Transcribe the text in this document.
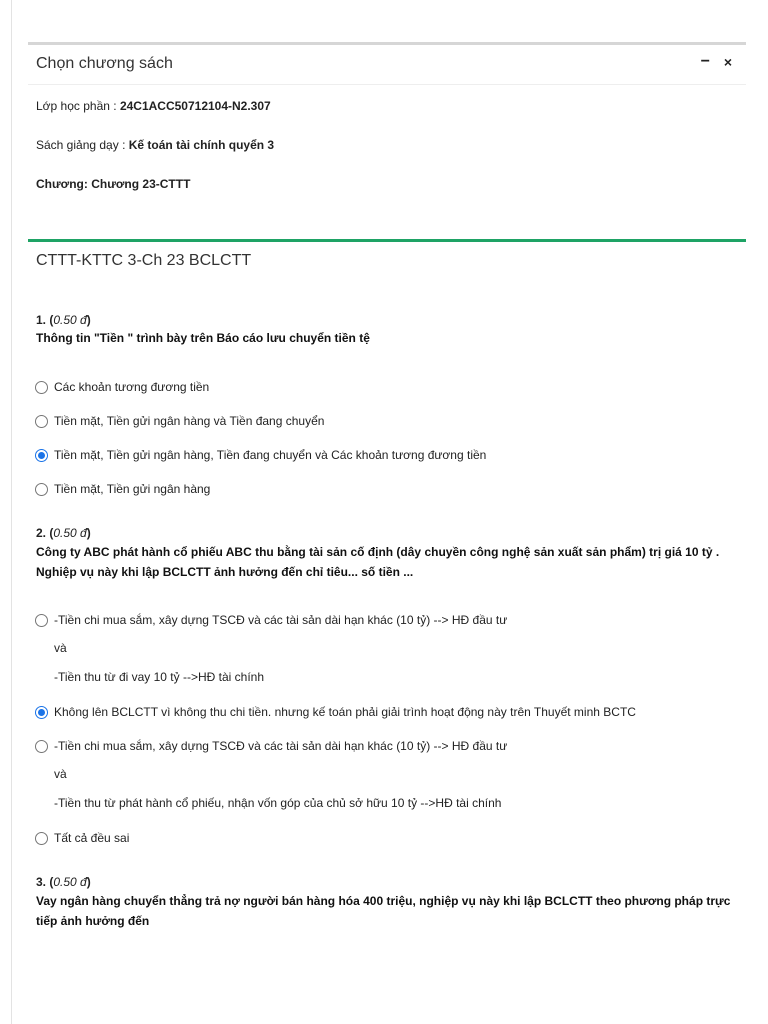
Chọn chương sách	− ×
Lớp học phần : 24C1ACC50712104-N2.307
Sách giảng dạy : Kế toán tài chính quyển 3
Chương: Chương 23-CTTT
CTTT-KTTC 3-Ch 23 BCLCTT
1. (0.50 đ)
Thông tin "Tiền " trình bày trên Báo cáo lưu chuyển tiền tệ
Các khoản tương đương tiền
Tiền mặt, Tiền gửi ngân hàng và Tiền đang chuyển
Tiền mặt, Tiền gửi ngân hàng, Tiền đang chuyển và Các khoản tương đương tiền
Tiền mặt, Tiền gửi ngân hàng
2. (0.50 đ)
Công ty ABC phát hành cổ phiếu ABC thu bằng tài sản cố định (dây chuyền công nghệ sản xuất sản phẩm) trị giá 10 tỷ .
Nghiệp vụ này khi lập BCLCTT ảnh hưởng đến chỉ tiêu... số tiền ...
-Tiền chi mua sắm, xây dựng TSCĐ và các tài sản dài hạn khác (10 tỷ) --> HĐ đầu tư
và
-Tiền thu từ đi vay 10 tỷ -->HĐ tài chính
Không lên BCLCTT vì không thu chi tiền. nhưng kế toán phải giải trình hoạt động này trên Thuyết minh BCTC
-Tiền chi mua sắm, xây dựng TSCĐ và các tài sản dài hạn khác (10 tỷ) --> HĐ đầu tư
và
-Tiền thu từ phát hành cổ phiếu, nhận vốn góp của chủ sở hữu 10 tỷ -->HĐ tài chính
Tất cả đều sai
3. (0.50 đ)
Vay ngân hàng chuyển thẳng trả nợ người bán hàng hóa 400 triệu, nghiệp vụ này khi lập BCLCTT theo phương pháp trực
tiếp ảnh hưởng đến
